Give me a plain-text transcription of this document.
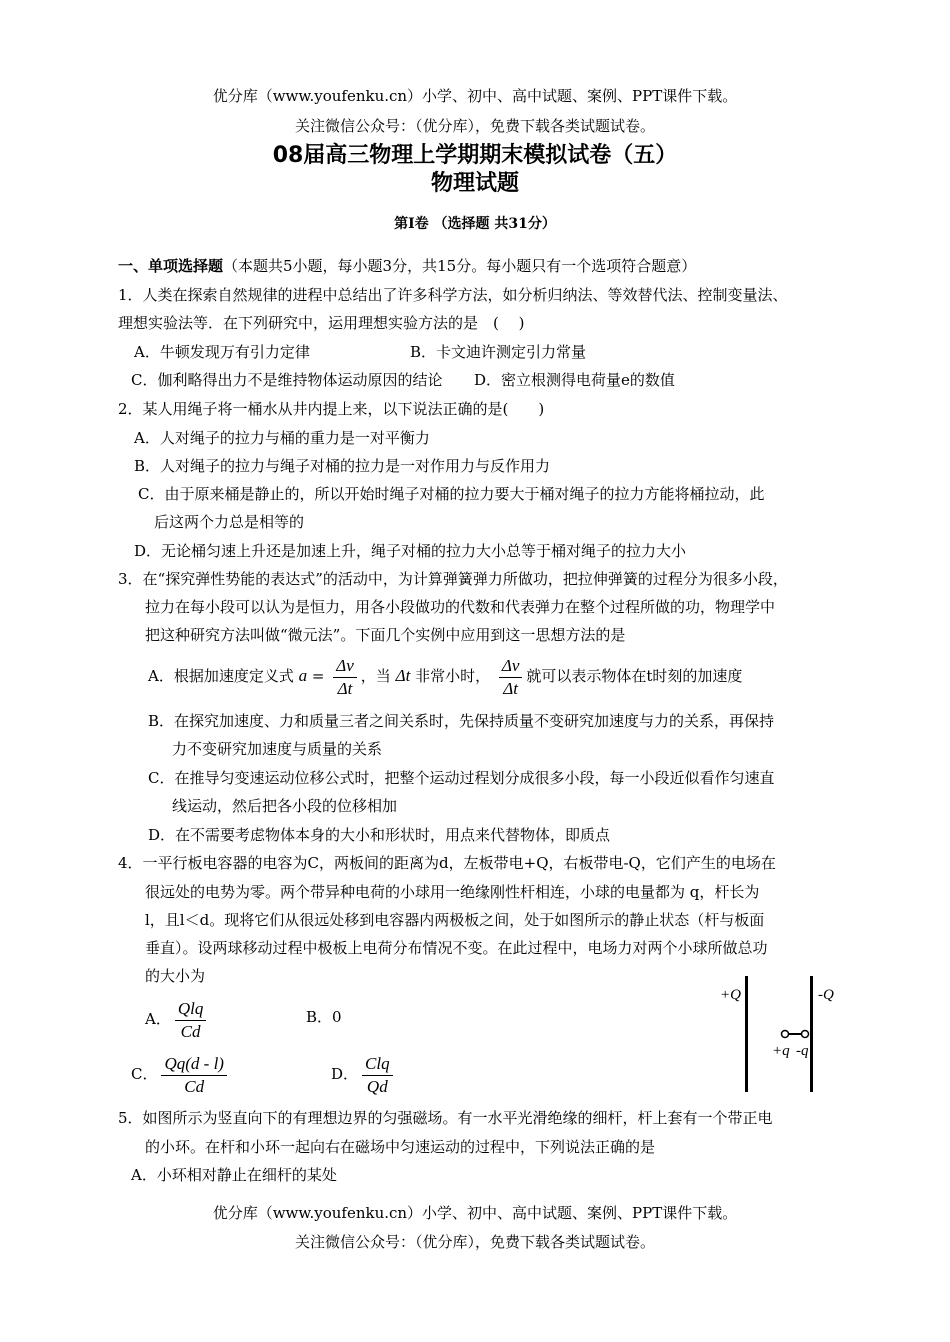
优分库（www.youfenku.cn）小学、初中、高中试题、案例、PPT课件下载。
关注微信公众号：（优分库），免费下载各类试题试卷。
08届高三物理上学期期末模拟试卷（五）
物理试题
第Ⅰ卷 （选择题 共31分）
一、单项选择题（本题共5小题，每小题3分，共15分。每小题只有一个选项符合题意）
1．人类在探索自然规律的进程中总结出了许多科学方法，如分析归纳法、等效替代法、控制变量法、
理想实验法等．在下列研究中，运用理想实验方法的是　(　 )
A．牛顿发现万有引力定律	B．卡文迪许测定引力常量
C．伽利略得出力不是维持物体运动原因的结论 D．密立根测得电荷量e的数值
2．某人用绳子将一桶水从井内提上来，以下说法正确的是(　　)
A．人对绳子的拉力与桶的重力是一对平衡力
B．人对绳子的拉力与绳子对桶的拉力是一对作用力与反作用力
C．由于原来桶是静止的，所以开始时绳子对桶的拉力要大于桶对绳子的拉力方能将桶拉动，此
后这两个力总是相等的
D．无论桶匀速上升还是加速上升，绳子对桶的拉力大小总等于桶对绳子的拉力大小
3．在“探究弹性势能的表达式”的活动中，为计算弹簧弹力所做功，把拉伸弹簧的过程分为很多小段，
拉力在每小段可以认为是恒力，用各小段做功的代数和代表弹力在整个过程所做的功，物理学中
把这种研究方法叫做“微元法”。下面几个实例中应用到这一思想方法的是
A．根据加速度定义式 $a = \frac{\Delta v}{\Delta t}$ ，当 Δt 非常小时， $\frac{\Delta v}{\Delta t}$ 就可以表示物体在t时刻的加速度
B．在探究加速度、力和质量三者之间关系时，先保持质量不变研究加速度与力的关系，再保持
力不变研究加速度与质量的关系
C．在推导匀变速运动位移公式时，把整个运动过程划分成很多小段，每一小段近似看作匀速直
线运动，然后把各小段的位移相加
D．在不需要考虑物体本身的大小和形状时，用点来代替物体，即质点
4．一平行板电容器的电容为C，两板间的距离为d，左板带电+Q，右板带电-Q，它们产生的电场在
很远处的电势为零。两个带异种电荷的小球用一绝缘刚性杆相连，小球的电量都为 q，杆长为
l，且l＜d。现将它们从很远处移到电容器内两极板之间，处于如图所示的静止状态（杆与板面
垂直）。设两球移动过程中极板上电荷分布情况不变。在此过程中，电场力对两个小球所做总功
的大小为
A． $\frac{\text{Qlq}}{Cd}$	B．0
C． $\frac{Qq(d - l)}{Cd}$	D． $\frac{\text{Clq}}{Qd}$
+Q	-Q
+q -q
5．如图所示为竖直向下的有理想边界的匀强磁场。有一水平光滑绝缘的细杆，杆上套有一个带正电
的小环。在杆和小环一起向右在磁场中匀速运动的过程中，下列说法正确的是
A．小环相对静止在细杆的某处
优分库（www.youfenku.cn）小学、初中、高中试题、案例、PPT课件下载。
关注微信公众号：（优分库），免费下载各类试题试卷。
